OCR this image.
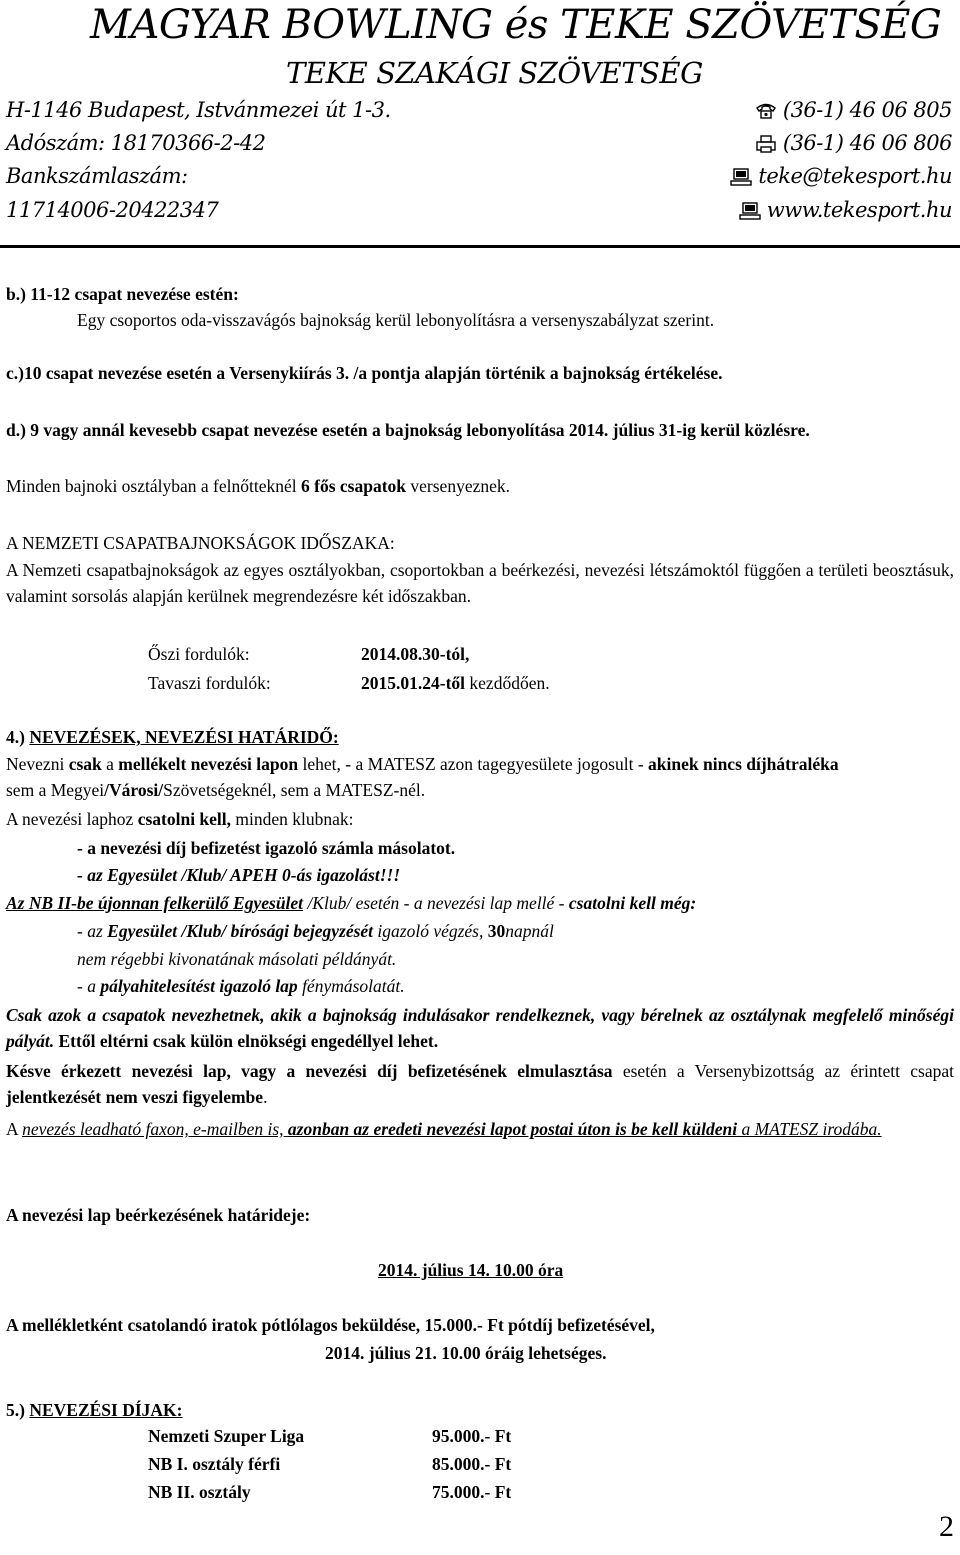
MAGYAR BOWLING és TEKE SZÖVETSÉG
TEKE SZAKÁGI SZÖVETSÉG
H-1146 Budapest, Istvánmezei út 1-3.
Adószám: 18170366-2-42
Bankszámlaszám:
11714006-20422347
(36-1) 46 06 805
(36-1) 46 06 806
teke@tekesport.hu
www.tekesport.hu
b.) 11-12 csapat nevezése estén:
Egy csoportos oda-visszavágós bajnokság kerül lebonyolításra a versenyszabályzat szerint.
c.)10 csapat nevezése esetén a Versenykiírás 3. /a pontja alapján történik a bajnokság értékelése.
d.) 9 vagy annál kevesebb csapat nevezése esetén a bajnokság lebonyolítása 2014. július 31-ig kerül közlésre.
Minden bajnoki osztályban a felnőtteknél 6 fős csapatok versenyeznek.
A NEMZETI CSAPATBAJNOKSÁGOK IDŐSZAKA:
A Nemzeti csapatbajnokságok az egyes osztályokban, csoportokban a beérkezési, nevezési létszámoktól függően a területi beosztásuk, valamint sorsolás alapján kerülnek megrendezésre két időszakban.
Őszi fordulók:	2014.08.30-tól,
Tavaszi fordulók:	2015.01.24-től kezdődően.
4.) NEVEZÉSEK, NEVEZÉSI HATÁRIDŐ:
Nevezni csak a mellékelt nevezési lapon lehet, - a MATESZ azon tagegyesülete jogosult - akinek nincs díjhátraléka
sem a Megyei/Városi/Szövetségeknél, sem a MATESZ-nél.
A nevezési laphoz csatolni kell, minden klubnak:
- a nevezési díj befizetést igazoló számla másolatot.
- az Egyesület /Klub/ APEH 0-ás igazolást!!!
Az NB II-be újonnan felkerülő Egyesület /Klub/ esetén - a nevezési lap mellé - csatolni kell még:
- az Egyesület /Klub/ bírósági bejegyzését igazoló végzés, 30napnál
nem régebbi kivonatának másolati példányát.
- a pályahitelesítést igazoló lap fénymásolatát.
Csak azok a csapatok nevezhetnek, akik a bajnokság indulásakor rendelkeznek, vagy bérelnek az osztálynak megfelelő minőségi pályát. Ettől eltérni csak külön elnökségi engedéllyel lehet.
Késve érkezett nevezési lap, vagy a nevezési díj befizetésének elmulasztása esetén a Versenybizottság az érintett csapat jelentkezését nem veszi figyelembe.
A nevezés leadható faxon, e-mailben is, azonban az eredeti nevezési lapot postai úton is be kell küldeni a MATESZ irodába.
A nevezési lap beérkezésének határideje:
2014. július 14. 10.00 óra
A mellékletként csatolandó iratok pótlólagos beküldése, 15.000.- Ft pótdíj befizetésével,
2014. július 21. 10.00 óráig lehetséges.
5.) NEVEZÉSI DÍJAK:
Nemzeti Szuper Liga	95.000.- Ft
NB I. osztály férfi	85.000.- Ft
NB II. osztály	75.000.- Ft
2
